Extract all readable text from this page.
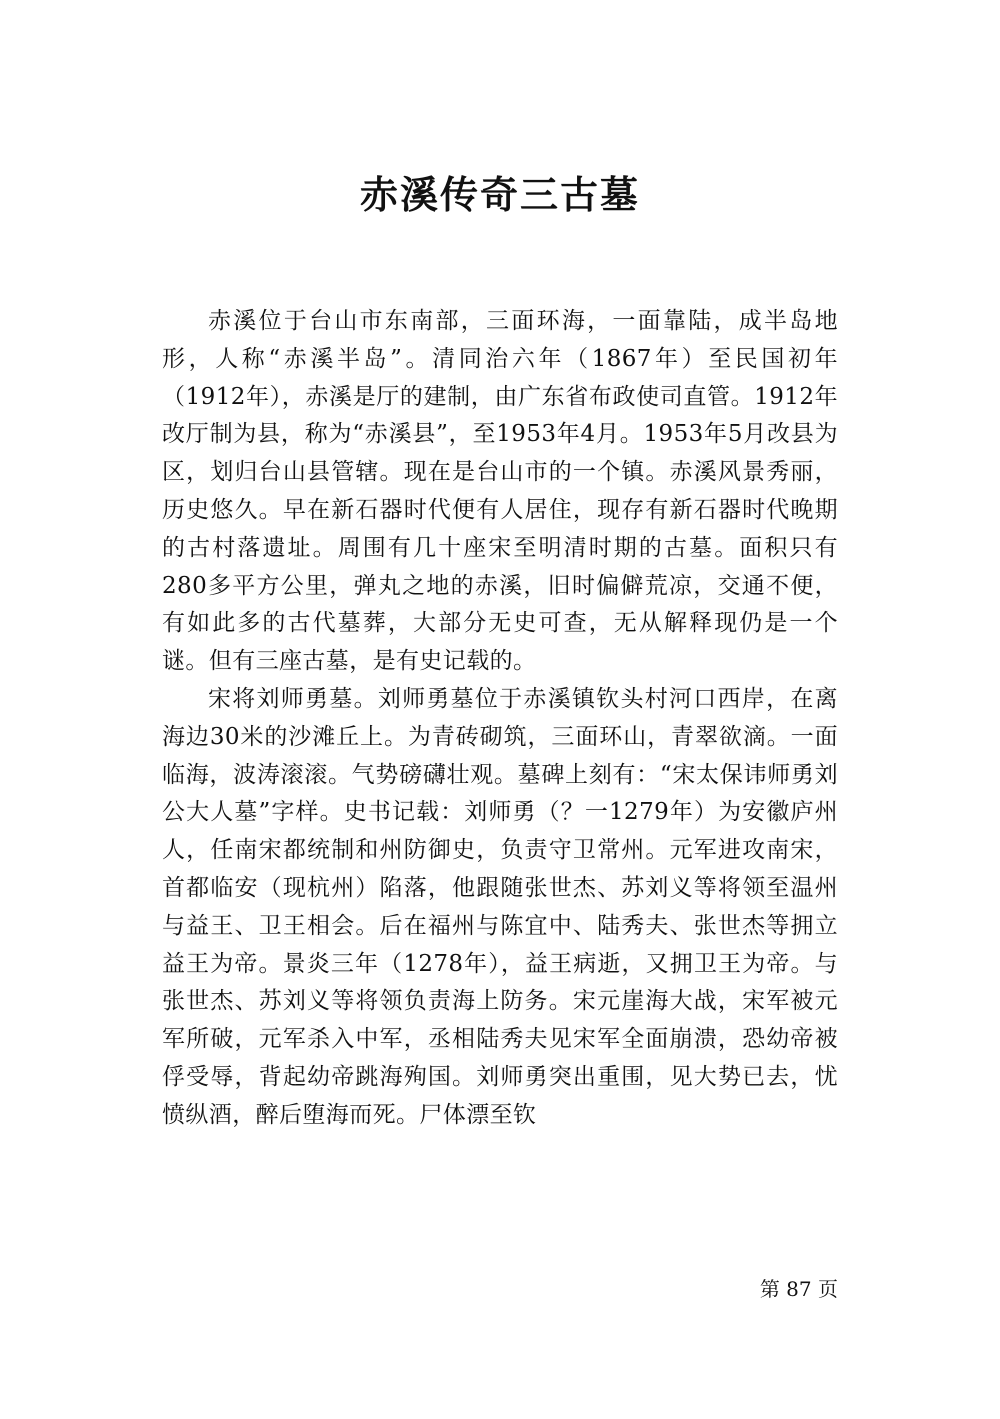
赤溪传奇三古墓

赤溪位于台山市东南部，三面环海，一面靠陆，成半岛地形，人称“赤溪半岛”。清同治六年（1867年）至民国初年（1912年），赤溪是厅的建制，由广东省布政使司直管。1912年改厅制为县，称为“赤溪县”，至1953年4月。1953年5月改县为区，划归台山县管辖。现在是台山市的一个镇。赤溪风景秀丽，历史悠久。早在新石器时代便有人居住，现存有新石器时代晚期的古村落遗址。周围有几十座宋至明清时期的古墓。面积只有280多平方公里，弹丸之地的赤溪，旧时偏僻荒凉，交通不便，有如此多的古代墓葬，大部分无史可查，无从解释现仍是一个谜。但有三座古墓，是有史记载的。

宋将刘师勇墓。刘师勇墓位于赤溪镇钦头村河口西岸，在离海边30米的沙滩丘上。为青砖砌筑，三面环山，青翠欲滴。一面临海，波涛滚滚。气势磅礴壮观。墓碑上刻有：“宋太保讳师勇刘公大人墓”字样。史书记载：刘师勇（？一1279年）为安徽庐州人，任南宋都统制和州防御史，负责守卫常州。元军进攻南宋，首都临安（现杭州）陷落，他跟随张世杰、苏刘义等将领至温州与益王、卫王相会。后在福州与陈宜中、陆秀夫、张世杰等拥立益王为帝。景炎三年（1278年），益王病逝，又拥卫王为帝。与张世杰、苏刘义等将领负责海上防务。宋元崖海大战，宋军被元军所破，元军杀入中军，丞相陆秀夫见宋军全面崩溃，恐幼帝被俘受辱，背起幼帝跳海殉国。刘师勇突出重围，见大势已去，忧愤纵酒，醉后堕海而死。尸体漂至钦

第 87 页
